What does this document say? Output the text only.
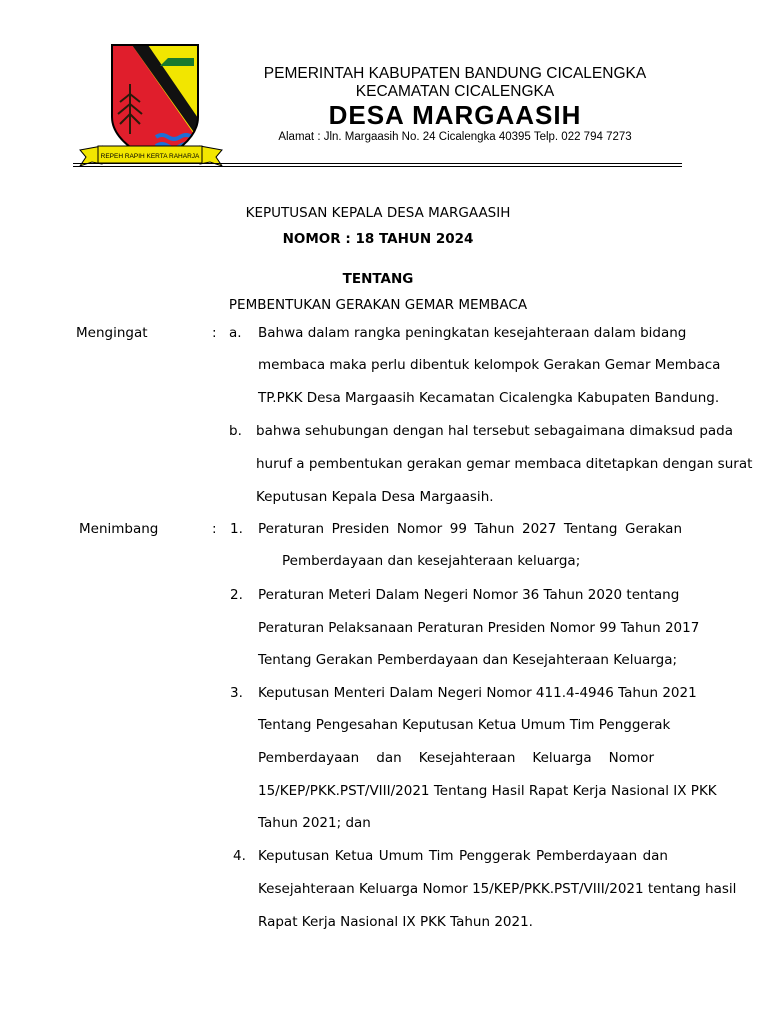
REPEH RAPIH KERTA RAHARJA
PEMERINTAH KABUPATEN BANDUNG CICALENGKA
KECAMATAN CICALENGKA
DESA MARGAASIH
Alamat : Jln. Margaasih No. 24 Cicalengka 40395 Telp. 022 794 7273
KEPUTUSAN KEPALA DESA MARGAASIH
NOMOR : 18 TAHUN 2024
TENTANG
PEMBENTUKAN GERAKAN GEMAR MEMBACA
Mengingat	: a. Bahwa dalam rangka peningkatan kesejahteraan dalam bidang
membaca maka perlu dibentuk kelompok Gerakan Gemar Membaca
TP.PKK Desa Margaasih Kecamatan Cicalengka Kabupaten Bandung.
b. bahwa sehubungan dengan hal tersebut sebagaimana dimaksud pada
huruf a pembentukan gerakan gemar membaca ditetapkan dengan surat
Keputusan Kepala Desa Margaasih.
Menimbang	: 1. Peraturan Presiden Nomor 99 Tahun 2027 Tentang Gerakan
Pemberdayaan dan kesejahteraan keluarga;
2. Peraturan Meteri Dalam Negeri Nomor 36 Tahun 2020 tentang
Peraturan Pelaksanaan Peraturan Presiden Nomor 99 Tahun 2017
Tentang Gerakan Pemberdayaan dan Kesejahteraan Keluarga;
3. Keputusan Menteri Dalam Negeri Nomor 411.4-4946 Tahun 2021
Tentang Pengesahan Keputusan Ketua Umum Tim Penggerak
Pemberdayaan dan Kesejahteraan Keluarga Nomor
15/KEP/PKK.PST/VIII/2021 Tentang Hasil Rapat Kerja Nasional IX PKK
Tahun 2021; dan
4. Keputusan Ketua Umum Tim Penggerak Pemberdayaan dan
Kesejahteraan Keluarga Nomor 15/KEP/PKK.PST/VIII/2021 tentang hasil
Rapat Kerja Nasional IX PKK Tahun 2021.
